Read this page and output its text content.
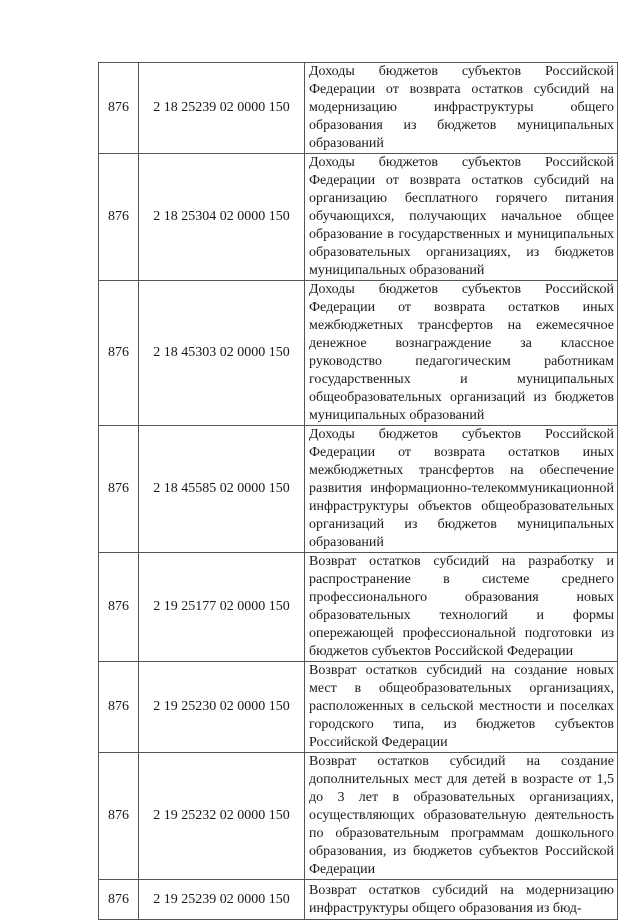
876	2 18 25239 02 0000 150	Доходы бюджетов субъектов Российской Федерации от возврата остатков субсидий на модернизацию инфраструктуры общего образования из бюджетов муниципальных образований
876	2 18 25304 02 0000 150	Доходы бюджетов субъектов Российской Федерации от возврата остатков субсидий на организацию бесплатного горячего питания обучающихся, получающих начальное общее образование в государственных и муниципальных образовательных организациях, из бюджетов муниципальных образований
876	2 18 45303 02 0000 150	Доходы бюджетов субъектов Российской Федерации от возврата остатков иных межбюджетных трансфертов на ежемесячное денежное вознаграждение за классное руководство педагогическим работникам государственных и муниципальных общеобразовательных организаций из бюджетов муниципальных образований
876	2 18 45585 02 0000 150	Доходы бюджетов субъектов Российской Федерации от возврата остатков иных межбюджетных трансфертов на обеспечение развития информационно-телекоммуникационной инфраструктуры объектов общеобразовательных организаций из бюджетов муниципальных образований
876	2 19 25177 02 0000 150	Возврат остатков субсидий на разработку и распространение в системе среднего профессионального образования новых образовательных технологий и формы опережающей профессиональной подготовки из бюджетов субъектов Российской Федерации
876	2 19 25230 02 0000 150	Возврат остатков субсидий на создание новых мест в общеобразовательных организациях, расположенных в сельской местности и поселках городского типа, из бюджетов субъектов Российской Федерации
876	2 19 25232 02 0000 150	Возврат остатков субсидий на создание дополнительных мест для детей в возрасте от 1,5 до 3 лет в образовательных организациях, осуществляющих образовательную деятельность по образовательным программам дошкольного образования, из бюджетов субъектов Российской Федерации
876	2 19 25239 02 0000 150	Возврат остатков субсидий на модернизацию инфраструктуры общего образования из бюд-
